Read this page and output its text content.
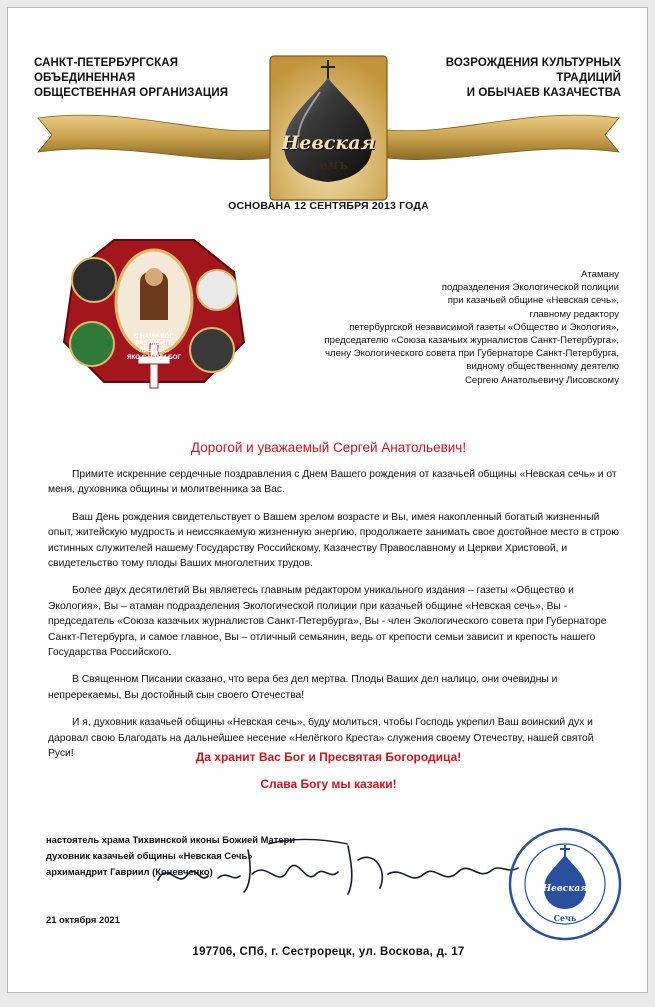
САНКТ-ПЕТЕРБУРГСКАЯ ОБЪЕДИНЕННАЯ
ОБЩЕСТВЕННАЯ ОРГАНИЗАЦИЯ
ВОЗРОЖДЕНИЯ КУЛЬТУРНЫХ ТРАДИЦИЙ
И ОБЫЧАЕВ КАЗАЧЕСТВА
Невская
Сечь
ОСНОВАНА 12 СЕНТЯБРЯ 2013 ГОДА
С НАМИ БОГ,
РАЗУМЕЙТЕ ЯЗЫЦЫ...
ЯКО С НАМИ БОГ
Атаману
подразделения Экологической полиции
при казачьей общине «Невская сечь»,
главному редактору
петербургской независимой газеты «Общество и Экология»,
председателю «Союза казачьих журналистов Санкт-Петербурга»,
члену Экологического совета при Губернаторе Санкт-Петербурга,
видному общественному деятелю
Сергею Анатольевичу Лисовскому
Дорогой и уважаемый Сергей Анатольевич!

Примите искренние сердечные поздравления с Днем Вашего рождения от казачьей общины «Невская сечь» и от меня, духовника общины и молитвенника за Вас.

Ваш День рождения свидетельствует о Вашем зрелом возрасте и Вы, имея накопленный богатый жизненный опыт, житейскую мудрость и неиссякаемую жизненную энергию, продолжаете занимать свое достойное место в строю истинных служителей нашему Государству Российскому, Казачеству Православному и Церкви Христовой, и свидетельство тому плоды Ваших многолетних трудов.

Более двух десятилетий Вы являетесь главным редактором уникального издания – газеты «Общество и Экология», Вы – атаман подразделения Экологической полиции при казачьей общине «Невская сечь», Вы - председатель «Союза казачьих журналистов Санкт-Петербурга», Вы - член Экологического совета при Губернаторе Санкт-Петербурга, и самое главное, Вы – отличный семьянин, ведь от крепости семьи зависит и крепость нашего Государства Российского.

В Священном Писании сказано, что вера без дел мертва. Плоды Ваших дел налицо, они очевидны и непререкаемы, Вы достойный сын своего Отечества!

И я, духовник казачьей общины «Невская сечь», буду молиться, чтобы Господь укрепил Ваш воинский дух и даровал свою Благодать на дальнейшее несение «Нелёгкого Креста» служения своему Отечеству, нашей святой Руси!	Да хранит Вас Бог и Пресвятая Богородица!
Слава Богу мы казаки!
настоятель храма Тихвинской иконы Божией Матери
духовник казачьей общины «Невская Сечь»
архимандрит Гавриил (Коневченко)
Невская
Сечь
21 октября 2021
197706, СПб, г. Сестрорецк, ул. Воскова, д. 17
